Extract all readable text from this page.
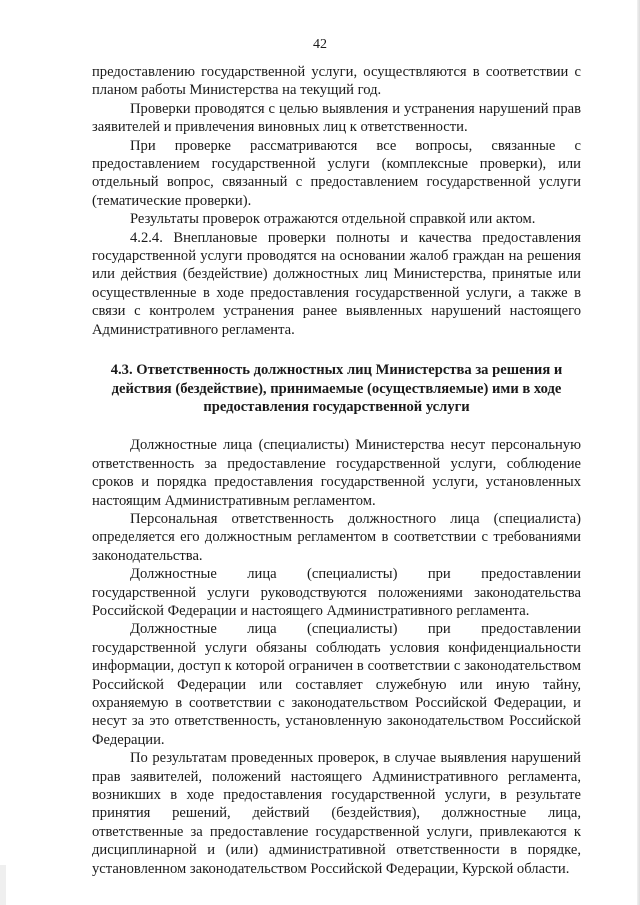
42

предоставлению государственной услуги, осуществляются в соответствии с планом работы Министерства на текущий год.

Проверки проводятся с целью выявления и устранения нарушений прав заявителей и привлечения виновных лиц к ответственности.

При проверке рассматриваются все вопросы, связанные с предоставлением государственной услуги (комплексные проверки), или отдельный вопрос, связанный с предоставлением государственной услуги (тематические проверки).

Результаты проверок отражаются отдельной справкой или актом.

4.2.4. Внеплановые проверки полноты и качества предоставления государственной услуги проводятся на основании жалоб граждан на решения или действия (бездействие) должностных лиц Министерства, принятые или осуществленные в ходе предоставления государственной услуги, а также в связи с контролем устранения ранее выявленных нарушений настоящего Административного регламента.

4.3. Ответственность должностных лиц Министерства за решения и действия (бездействие), принимаемые (осуществляемые) ими в ходе предоставления государственной услуги

Должностные лица (специалисты) Министерства несут персональную ответственность за предоставление государственной услуги, соблюдение сроков и порядка предоставления государственной услуги, установленных настоящим Административным регламентом.

Персональная ответственность должностного лица (специалиста) определяется его должностным регламентом в соответствии с требованиями законодательства.

Должностные лица (специалисты) при предоставлении государственной услуги руководствуются положениями законодательства Российской Федерации и настоящего Административного регламента.

Должностные лица (специалисты) при предоставлении государственной услуги обязаны соблюдать условия конфиденциальности информации, доступ к которой ограничен в соответствии с законодательством Российской Федерации или составляет служебную или иную тайну, охраняемую в соответствии с законодательством Российской Федерации, и несут за это ответственность, установленную законодательством Российской Федерации.

По результатам проведенных проверок, в случае выявления нарушений прав заявителей, положений настоящего Административного регламента, возникших в ходе предоставления государственной услуги, в результате принятия решений, действий (бездействия), должностные лица, ответственные за предоставление государственной услуги, привлекаются к дисциплинарной и (или) административной ответственности в порядке, установленном законодательством Российской Федерации, Курской области.
